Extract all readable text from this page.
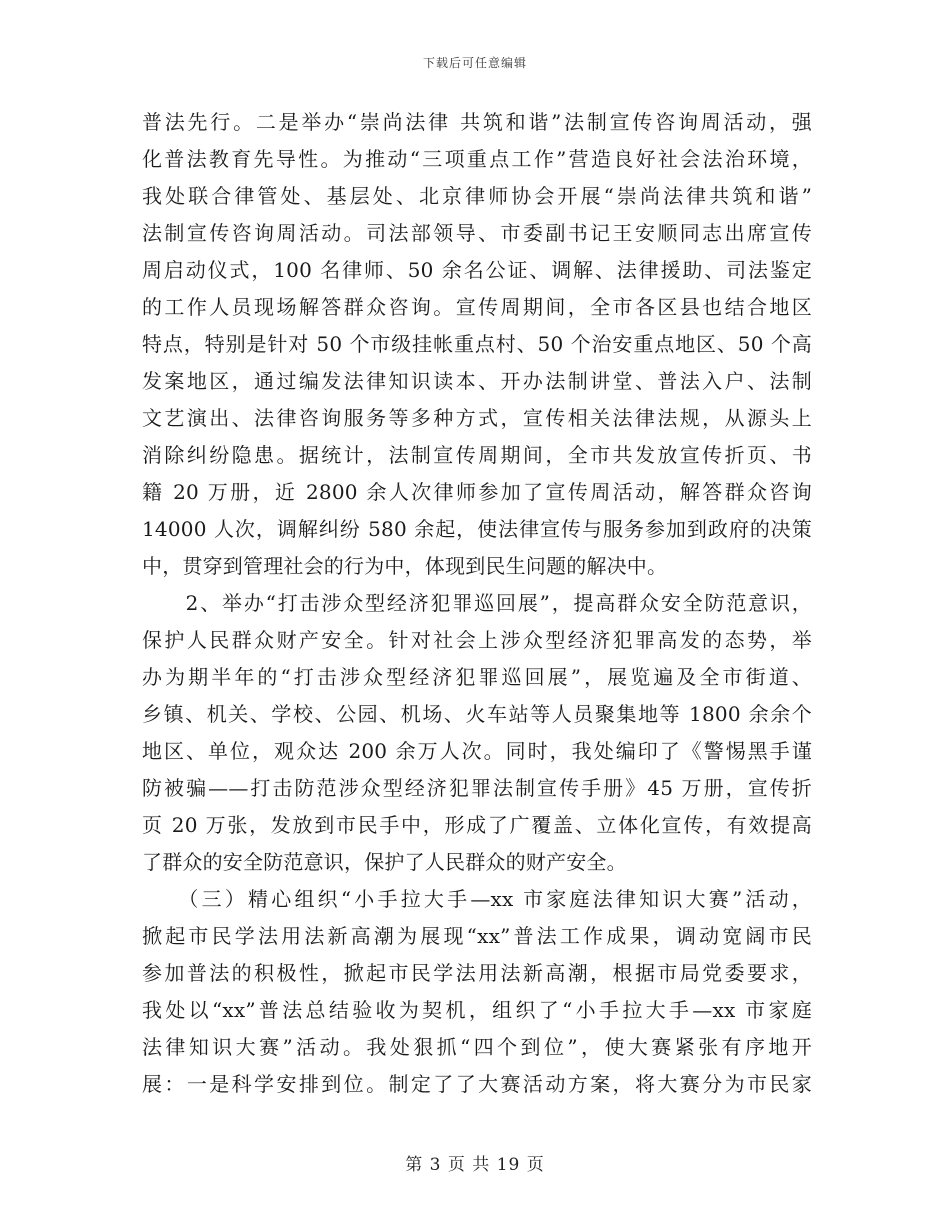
下载后可任意编辑
普法先行。二是举办“崇尚法律 共筑和谐”法制宣传咨询周活动，强
化普法教育先导性。为推动“三项重点工作”营造良好社会法治环境，
我处联合律管处、基层处、北京律师协会开展“崇尚法律共筑和谐”
法制宣传咨询周活动。司法部领导、市委副书记王安顺同志出席宣传
周启动仪式，100 名律师、50 余名公证、调解、法律援助、司法鉴定
的工作人员现场解答群众咨询。宣传周期间，全市各区县也结合地区
特点，特别是针对 50 个市级挂帐重点村、50 个治安重点地区、50 个高
发案地区，通过编发法律知识读本、开办法制讲堂、普法入户、法制
文艺演出、法律咨询服务等多种方式，宣传相关法律法规，从源头上
消除纠纷隐患。据统计，法制宣传周期间，全市共发放宣传折页、书
籍 20 万册，近 2800 余人次律师参加了宣传周活动，解答群众咨询
14000 人次，调解纠纷 580 余起，使法律宣传与服务参加到政府的决策
中，贯穿到管理社会的行为中，体现到民生问题的解决中。
　　2、举办“打击涉众型经济犯罪巡回展”，提高群众安全防范意识，
保护人民群众财产安全。针对社会上涉众型经济犯罪高发的态势，举
办为期半年的“打击涉众型经济犯罪巡回展”，展览遍及全市街道、
乡镇、机关、学校、公园、机场、火车站等人员聚集地等 1800 余余个
地区、单位，观众达 200 余万人次。同时，我处编印了《警惕黑手谨
防被骗——打击防范涉众型经济犯罪法制宣传手册》45 万册，宣传折
页 20 万张，发放到市民手中，形成了广覆盖、立体化宣传，有效提高
了群众的安全防范意识，保护了人民群众的财产安全。
　　（三）精心组织“小手拉大手—xx 市家庭法律知识大赛”活动，
掀起市民学法用法新高潮为展现“xx”普法工作成果，调动宽阔市民
参加普法的积极性，掀起市民学法用法新高潮，根据市局党委要求，
我处以“xx”普法总结验收为契机，组织了“小手拉大手—xx 市家庭
法律知识大赛”活动。我处狠抓“四个到位”，使大赛紧张有序地开
展：一是科学安排到位。制定了了大赛活动方案，将大赛分为市民家
第 3 页 共 19 页
